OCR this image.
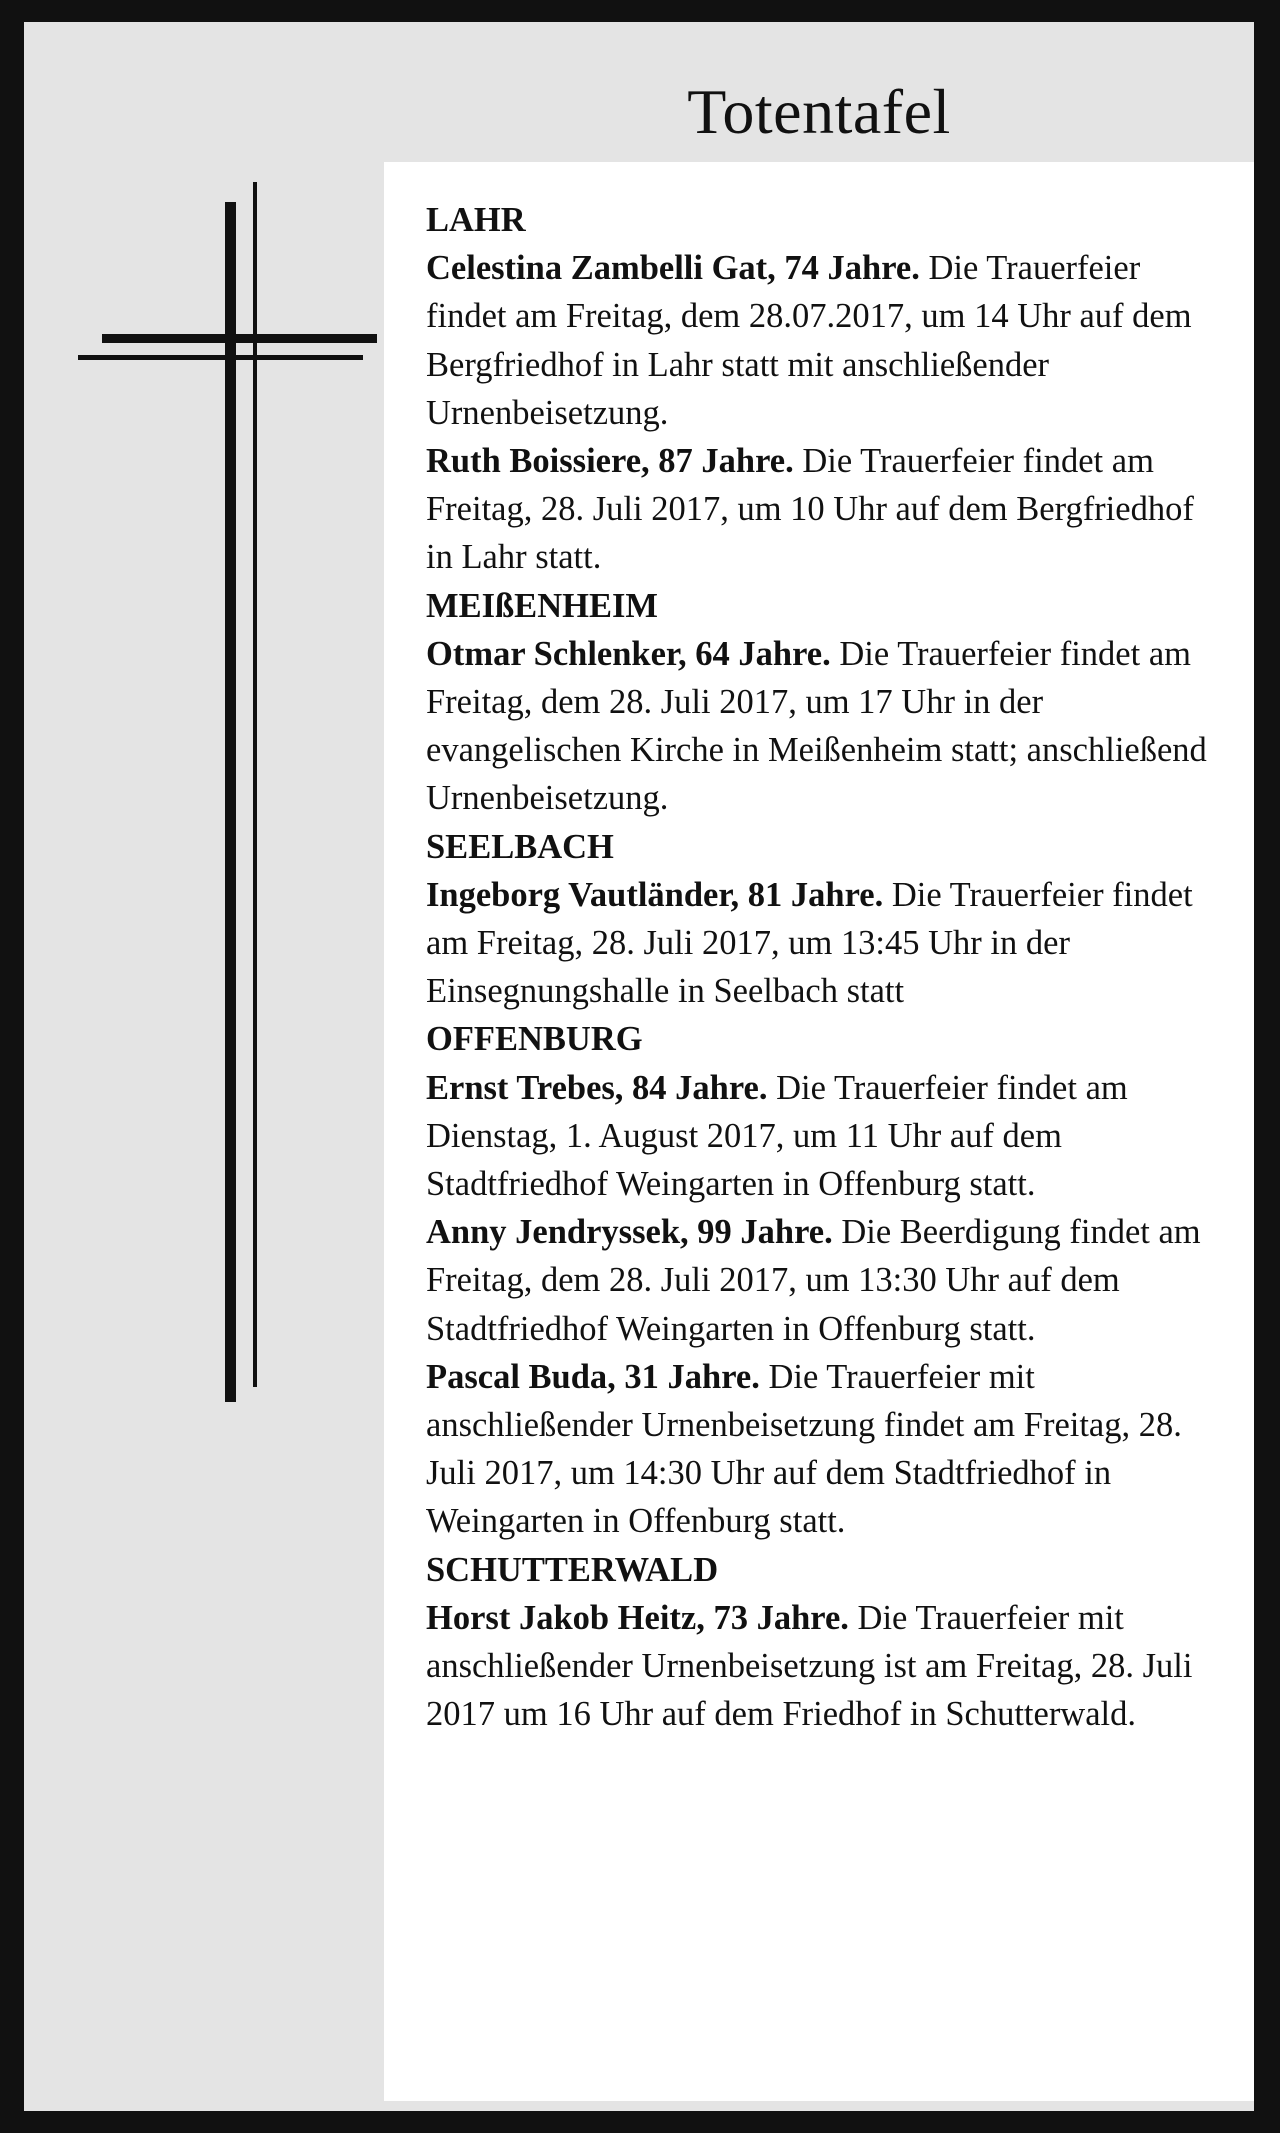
Totentafel
LAHR

Celestina Zambelli Gat, 74 Jahre. Die Trauerfeier findet am Freitag, dem 28.07.2017, um 14 Uhr auf dem Bergfriedhof in Lahr statt mit anschließender Urnenbeisetzung.

Ruth Boissiere, 87 Jahre. Die Trauerfeier findet am Freitag, 28. Juli 2017, um 10 Uhr auf dem Bergfriedhof in Lahr statt.

MEIßENHEIM

Otmar Schlenker, 64 Jahre. Die Trauerfeier findet am Freitag, dem 28. Juli 2017, um 17 Uhr in der evangelischen Kirche in Meißenheim statt; anschließend Urnenbeisetzung.

SEELBACH

Ingeborg Vautländer, 81 Jahre. Die Trauerfeier findet am Freitag, 28. Juli 2017, um 13:45 Uhr in der Einsegnungshalle in Seelbach statt

OFFENBURG

Ernst Trebes, 84 Jahre. Die Trauerfeier findet am Dienstag, 1. August 2017, um 11 Uhr auf dem Stadtfriedhof Weingarten in Offenburg statt.

Anny Jendryssek, 99 Jahre. Die Beerdigung findet am Freitag, dem 28. Juli 2017, um 13:30 Uhr auf dem Stadtfriedhof Weingarten in Offenburg statt.

Pascal Buda, 31 Jahre. Die Trauerfeier mit anschließender Urnenbeisetzung findet am Freitag, 28. Juli 2017, um 14:30 Uhr auf dem Stadtfriedhof in Weingarten in Offenburg statt.

SCHUTTERWALD

Horst Jakob Heitz, 73 Jahre. Die Trauerfeier mit anschließender Urnenbeisetzung ist am Freitag, 28. Juli 2017 um 16 Uhr auf dem Friedhof in Schutterwald.
